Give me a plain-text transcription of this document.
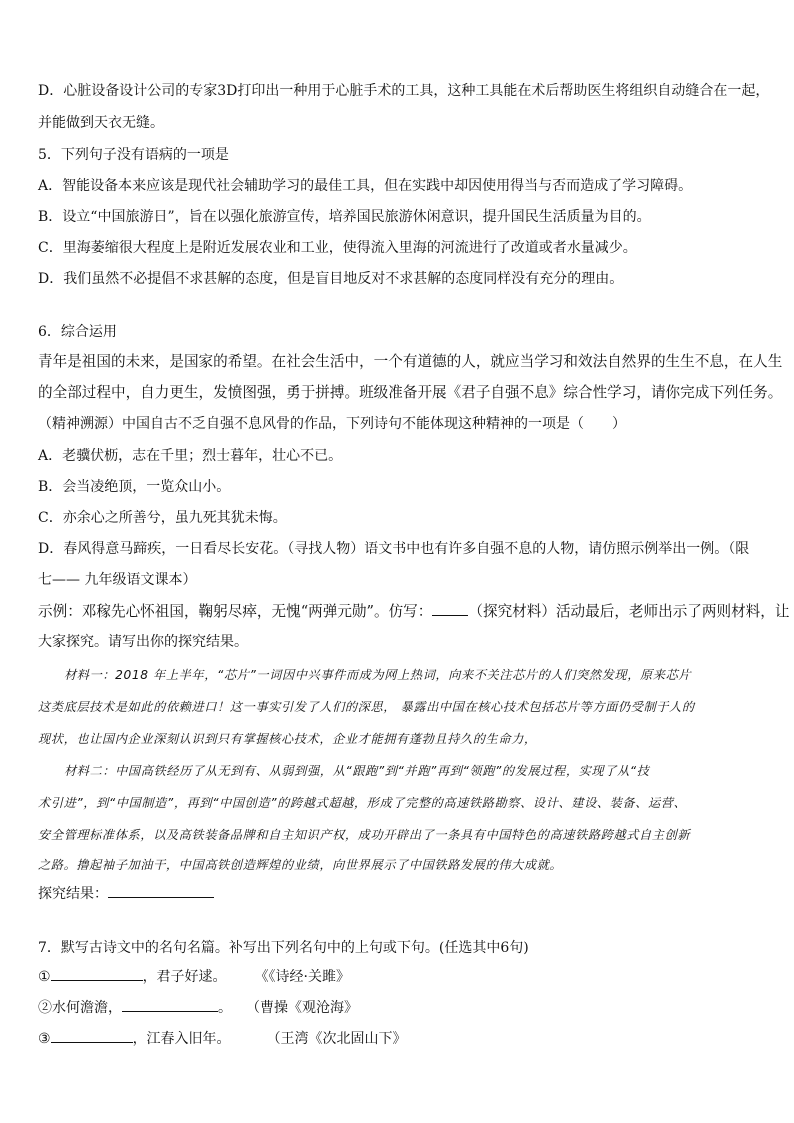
D．心脏设备设计公司的专家3D打印出一种用于心脏手术的工具，这种工具能在术后帮助医生将组织自动缝合在一起，
并能做到天衣无缝。
5．下列句子没有语病的一项是
A．智能设备本来应该是现代社会辅助学习的最佳工具，但在实践中却因使用得当与否而造成了学习障碍。
B．设立“中国旅游日”，旨在以强化旅游宣传，培养国民旅游休闲意识，提升国民生活质量为目的。
C．里海萎缩很大程度上是附近发展农业和工业，使得流入里海的河流进行了改道或者水量减少。
D．我们虽然不必提倡不求甚解的态度，但是盲目地反对不求甚解的态度同样没有充分的理由。
6．综合运用
青年是祖国的未来，是国家的希望。在社会生活中，一个有道德的人，就应当学习和效法自然界的生生不息，在人生
的全部过程中，自力更生，发愤图强，勇于拼搏。班级准备开展《君子自强不息》综合性学习，请你完成下列任务。
（精神溯源）中国自古不乏自强不息风骨的作品，下列诗句不能体现这种精神的一项是（　　）
A．老骥伏枥，志在千里；烈士暮年，壮心不已。
B．会当凌绝顶，一览众山小。
C．亦余心之所善兮，虽九死其犹未悔。
D．春风得意马蹄疾，一日看尽长安花。（寻找人物）语文书中也有许多自强不息的人物，请仿照示例举出一例。（限
七—— 九年级语文课本）
示例：邓稼先心怀祖国，鞠躬尽瘁，无愧“两弹元勋”。仿写： （探究材料）活动最后，老师出示了两则材料，让
大家探究。请写出你的探究结果。
材料一：2018 年上半年，“芯片”一词因中兴事件而成为网上热词，向来不关注芯片的人们突然发现，原来芯片
这类底层技术是如此的依赖进口！这一事实引发了人们的深思， 暴露出中国在核心技术包括芯片等方面仍受制于人的
现状，也让国内企业深刻认识到只有掌握核心技术，企业才能拥有蓬勃且持久的生命力，
材料二：中国高铁经历了从无到有、从弱到强，从“跟跑”到“并跑”再到“领跑”的发展过程，实现了从“技
术引进”，到“中国制造”，再到“中国创造”的跨越式超越，形成了完整的高速铁路勘察、设计、建设、装备、运营、
安全管理标准体系，以及高铁装备品牌和自主知识产权，成功开辟出了一条具有中国特色的高速铁路跨越式自主创新
之路。撸起袖子加油干，中国高铁创造辉煌的业绩，向世界展示了中国铁路发展的伟大成就。
探究结果：
7．默写古诗文中的名句名篇。补写出下列名句中的上句或下句。(任选其中6句)
①	，君子好逑。 《《诗经·关雎》
②水何澹澹，	。 （曹操《观沧海》
③	，江春入旧年。	（王湾《次北固山下》
